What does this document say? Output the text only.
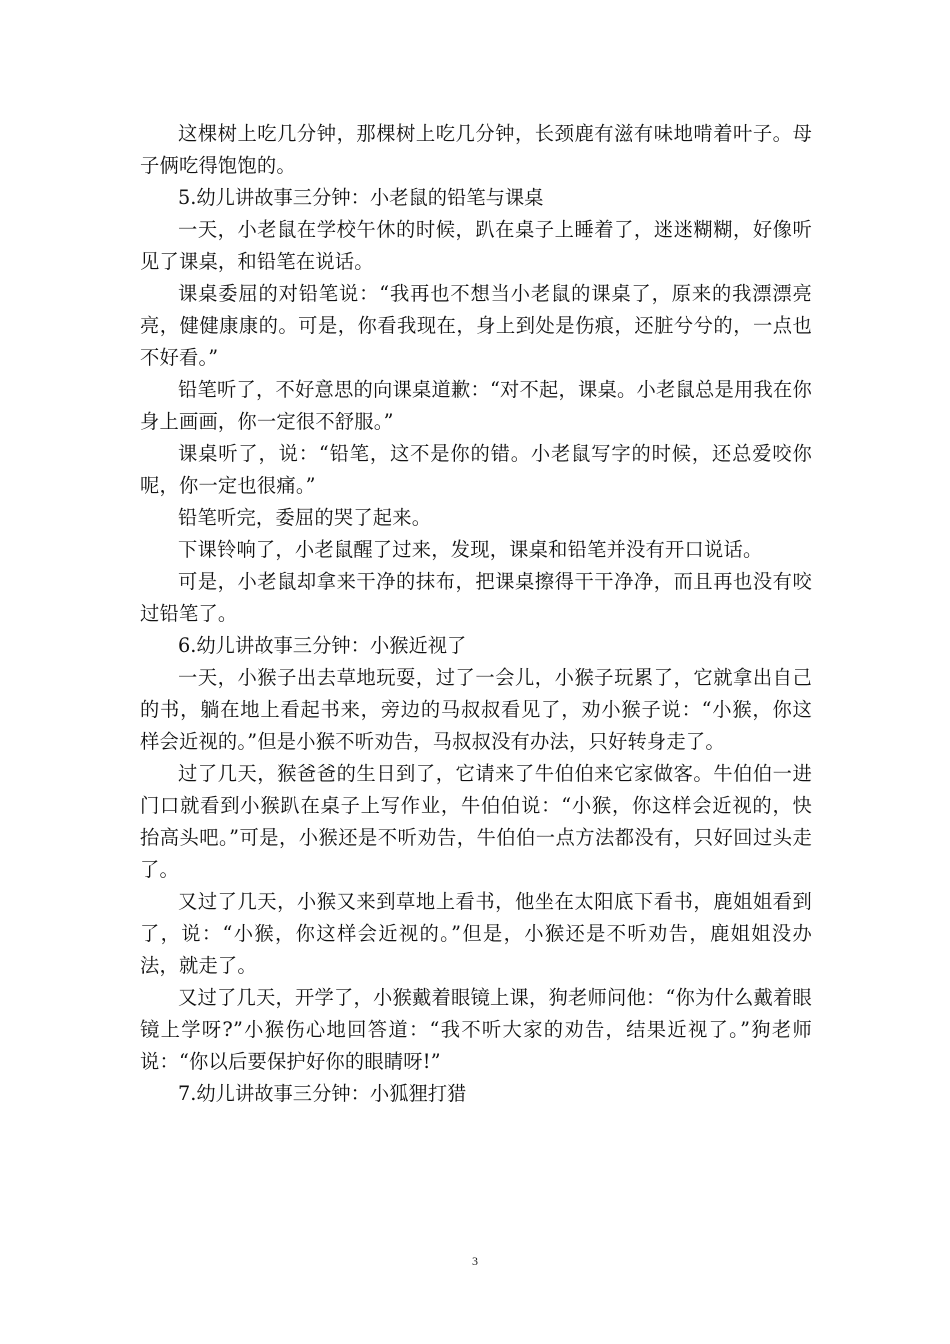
这棵树上吃几分钟，那棵树上吃几分钟，长颈鹿有滋有味地啃着叶子。母子俩吃得饱饱的。

5.幼儿讲故事三分钟：小老鼠的铅笔与课桌

一天，小老鼠在学校午休的时候，趴在桌子上睡着了，迷迷糊糊，好像听见了课桌，和铅笔在说话。

课桌委屈的对铅笔说：“我再也不想当小老鼠的课桌了，原来的我漂漂亮亮，健健康康的。可是，你看我现在，身上到处是伤痕，还脏兮兮的，一点也不好看。”

铅笔听了，不好意思的向课桌道歉：“对不起，课桌。小老鼠总是用我在你身上画画，你一定很不舒服。”

课桌听了，说：“铅笔，这不是你的错。小老鼠写字的时候，还总爱咬你呢，你一定也很痛。”

铅笔听完，委屈的哭了起来。

下课铃响了，小老鼠醒了过来，发现，课桌和铅笔并没有开口说话。

可是，小老鼠却拿来干净的抹布，把课桌擦得干干净净，而且再也没有咬过铅笔了。

6.幼儿讲故事三分钟：小猴近视了

一天，小猴子出去草地玩耍，过了一会儿，小猴子玩累了，它就拿出自己的书，躺在地上看起书来，旁边的马叔叔看见了，劝小猴子说：“小猴，你这样会近视的。”但是小猴不听劝告，马叔叔没有办法，只好转身走了。

过了几天，猴爸爸的生日到了，它请来了牛伯伯来它家做客。牛伯伯一进门口就看到小猴趴在桌子上写作业，牛伯伯说：“小猴，你这样会近视的，快抬高头吧。”可是，小猴还是不听劝告，牛伯伯一点方法都没有，只好回过头走了。

又过了几天，小猴又来到草地上看书，他坐在太阳底下看书，鹿姐姐看到了，说：“小猴，你这样会近视的。”但是，小猴还是不听劝告，鹿姐姐没办法，就走了。

又过了几天，开学了，小猴戴着眼镜上课，狗老师问他：“你为什么戴着眼镜上学呀?”小猴伤心地回答道：“我不听大家的劝告，结果近视了。”狗老师说：“你以后要保护好你的眼睛呀!”

7.幼儿讲故事三分钟：小狐狸打猎

3
